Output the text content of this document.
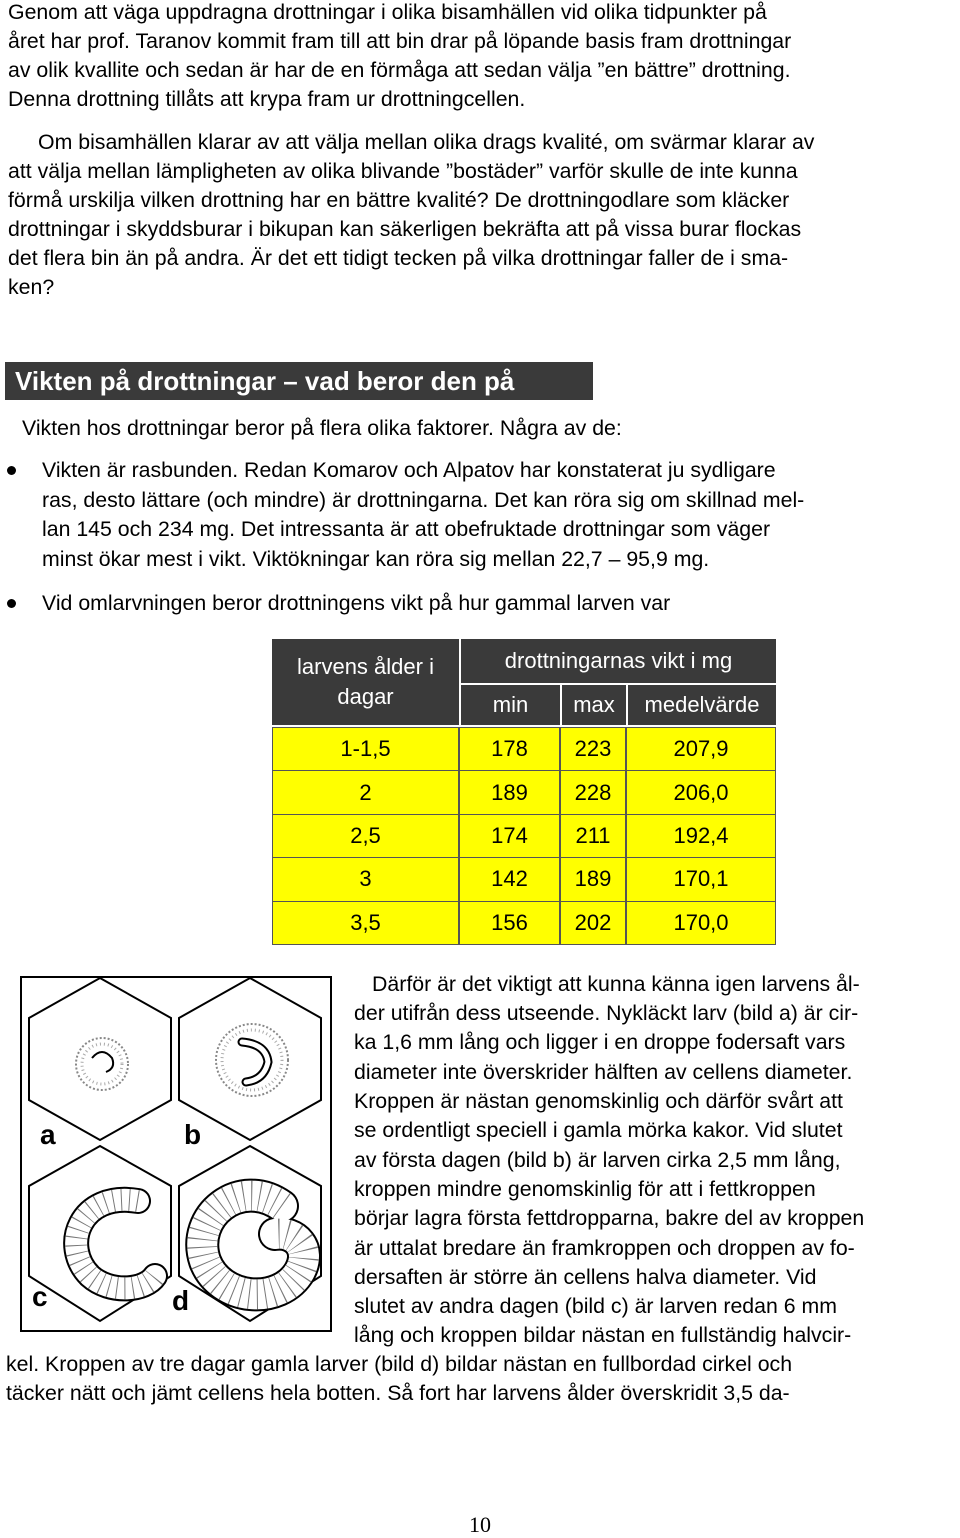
Genom att väga uppdragna drottningar i olika bisamhällen vid olika tidpunkter på
året har prof. Taranov kommit fram till att bin drar på löpande basis fram drottningar
av olik kvallite och sedan är har de en förmåga att sedan välja ”en bättre” drottning.
Denna drottning tillåts att krypa fram ur drottningcellen.
Om bisamhällen klarar av att välja mellan olika drags kvalité, om svärmar klarar av
att välja mellan lämpligheten av olika blivande ”bostäder” varför skulle de inte kunna
förmå urskilja vilken drottning har en bättre kvalité? De drottningodlare som kläcker
drottningar i skyddsburar i bikupan kan säkerligen bekräfta att på vissa burar flockas
det flera bin än på andra. Är det ett tidigt tecken på vilka drottningar faller de i sma-
ken?
Vikten på drottningar – vad beror den på
Vikten hos drottningar beror på flera olika faktorer. Några av de:
Vikten är rasbunden. Redan Komarov och Alpatov har konstaterat ju sydligare
ras, desto lättare (och mindre) är drottningarna. Det kan röra sig om skillnad mel-
lan 145 och 234 mg. Det intressanta är att obefruktade drottningar som väger
minst ökar mest i vikt. Viktökningar kan röra sig mellan 22,7 – 95,9 mg.
Vid omlarvningen beror drottningens vikt på hur gammal larven var
larvens ålder i dagar
drottningarnas vikt i mg
min	max	medelvärde
1-1,5	178	223	207,9
2	189	228	206,0
2,5	174	211	192,4
3	142	189	170,1
3,5	156	202	170,0
a	b
c	d
Därför är det viktigt att kunna känna igen larvens ål-
der utifrån dess utseende. Nykläckt larv (bild a) är cir-
ka 1,6 mm lång och ligger i en droppe fodersaft vars
diameter inte överskrider hälften av cellens diameter.
Kroppen är nästan genomskinlig och därför svårt att
se ordentligt speciell i gamla mörka kakor. Vid slutet
av första dagen (bild b) är larven cirka 2,5 mm lång,
kroppen mindre genomskinlig för att i fettkroppen
börjar lagra första fettdropparna, bakre del av kroppen
är uttalat bredare än framkroppen och droppen av fo-
dersaften är större än cellens halva diameter. Vid
slutet av andra dagen (bild c) är larven redan 6 mm
lång och kroppen bildar nästan en fullständig halvcir-
kel. Kroppen av tre dagar gamla larver (bild d) bildar nästan en fullbordad cirkel och
täcker nätt och jämt cellens hela botten. Så fort har larvens ålder överskridit 3,5 da-
10
